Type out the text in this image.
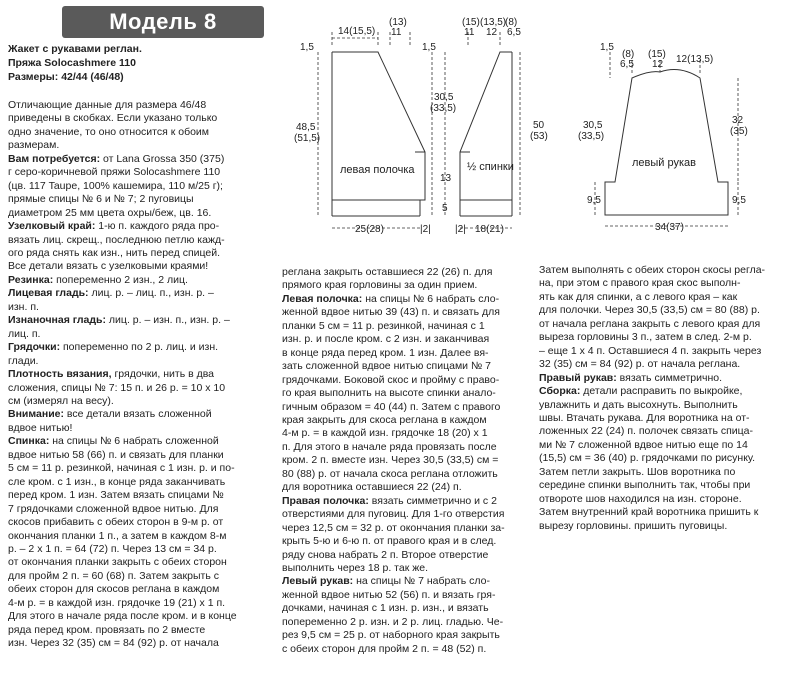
Модель 8
Жакет с рукавами реглан.
Пряжа Solocashmere 110
Размеры: 42/44 (46/48)

Отличающие данные для размера 46/48

приведены в скобках. Если указано только

одно значение, то оно относится к обоим

размерам.

Вам потребуется: от Lana Grossa 350 (375)

г серо-коричневой пряжи Solocashmere 110

(цв. 117 Taupe, 100% кашемира, 110 м/25 г);

прямые спицы № 6 и № 7; 2 пуговицы

диаметром 25 мм цвета охры/беж, цв. 16.

Узелковый край: 1-ю п. каждого ряда про-

вязать лиц. скрещ., последнюю петлю кажд-

ого ряда снять как изн., нить перед спицей.

Все детали вязать с узелковыми краями!

Резинка: попеременно 2 изн., 2 лиц.

Лицевая гладь: лиц. р. – лиц. п., изн. р. –

изн. п.

Изнаночная гладь: лиц. р. – изн. п., изн. р. –

лиц. п.

Грядочки: попеременно по 2 р. лиц. и изн.

глади.

Плотность вязания, грядочки, нить в два

сложения, спицы № 7: 15 п. и 26 р. = 10 x 10

см (измерял на весу).

Внимание: все детали вязать сложенной

вдвое нитью!

Спинка: на спицы № 6 набрать сложенной

вдвое нитью 58 (66) п. и связать для планки

5 см = 11 р. резинкой, начиная с 1 изн. р. и по-

сле кром. с 1 изн., в конце ряда заканчивать

перед кром. 1 изн. Затем вязать спицами №

7 грядочками сложенной вдвое нитью. Для

скосов прибавить с обеих сторон в 9-м р. от

окончания планки 1 п., а затем в каждом 8-м

р. – 2 x 1 п. = 64 (72) п. Через 13 см = 34 р.

от окончания планки закрыть с обеих сторон

для пройм 2 п. = 60 (68) п. Затем закрыть с

обеих сторон для скосов реглана в каждом

4-м р. = в каждой изн. грядочке 19 (21) x 1 п.

Для этого в начале ряда после кром. и в конце

ряда перед кром. провязать по 2 вместе

изн. Через 32 (35) см = 84 (92) р. от начала

реглана закрыть оставшиеся 22 (26) п. для

прямого края горловины за один прием.

Левая полочка: на спицы № 6 набрать сло-

женной вдвое нитью 39 (43) п. и связать для

планки 5 см = 11 р. резинкой, начиная с 1

изн. р. и после кром. с 2 изн. и заканчивая

в конце ряда перед кром. 1 изн. Далее вя-

зать сложенной вдвое нитью спицами № 7

грядочками. Боковой скос и пройму с право-

го края выполнить на высоте спинки анало-

гичным образом = 40 (44) п. Затем с правого

края закрыть для скоса реглана в каждом

4-м р. = в каждой изн. грядочке 18 (20) x 1

п. Для этого в начале ряда провязать после

кром. 2 п. вместе изн. Через 30,5 (33,5) см =

80 (88) р. от начала скоса реглана отложить

для воротника оставшиеся 22 (24) п.

Правая полочка: вязать симметрично и с 2

отверстиями для пуговиц. Для 1-го отверстия

через 12,5 см = 32 р. от окончания планки за-

крыть 5-ю и 6-ю п. от правого края и в след.

ряду снова набрать 2 п. Второе отверстие

выполнить через 18 р. так же.

Левый рукав: на спицы № 7 набрать сло-

женной вдвое нитью 52 (56) п. и вязать гря-

дочками, начиная с 1 изн. р. изн., и вязать

попеременно 2 р. изн. и 2 р. лиц. гладью. Че-

рез 9,5 см = 25 р. от наборного края закрыть

с обеих сторон для пройм 2 п. = 48 (52) п.

Затем выполнять с обеих сторон скосы регла-

на, при этом с правого края скос выполн-

ять как для спинки, а с левого края – как

для полочки. Через 30,5 (33,5) см = 80 (88) р.

от начала реглана закрыть с левого края для

выреза горловины 3 п., затем в след. 2-м р.

– еще 1 x 4 п. Оставшиеся 4 п. закрыть через

32 (35) см = 84 (92) р. от начала реглана.

Правый рукав: вязать симметрично.

Сборка: детали расправить по выкройке,

увлажнить и дать высохнуть. Выполнить

швы. Втачать рукава. Для воротника на от-

ложенных 22 (24) п. полочек связать спица-

ми № 7 сложенной вдвое нитью еще по 14

(15,5) см = 36 (40) р. грядочками по рисунку.

Затем петли закрыть. Шов воротника по

середине спинки выполнить так, чтобы при

отвороте шов находился на изн. стороне.

Затем внутренний край воротника пришить к

вырезу горловины. пришить пуговицы.

14(15,5)
(13)
11
1,5
48,5
(51,5)
левая полочка
25(28)	|2|
1,5
(15)
11
(13,5)
12
(8)
6,5
30,5
(33,5)
13
5
50
(53)
½ спинки
18(21)
|2|
1,5
(8)
6,5
(15)
12 12(13,5)
30,5
(33,5)
32
(35)
9,5	9,5
левый рукав
34(37)
